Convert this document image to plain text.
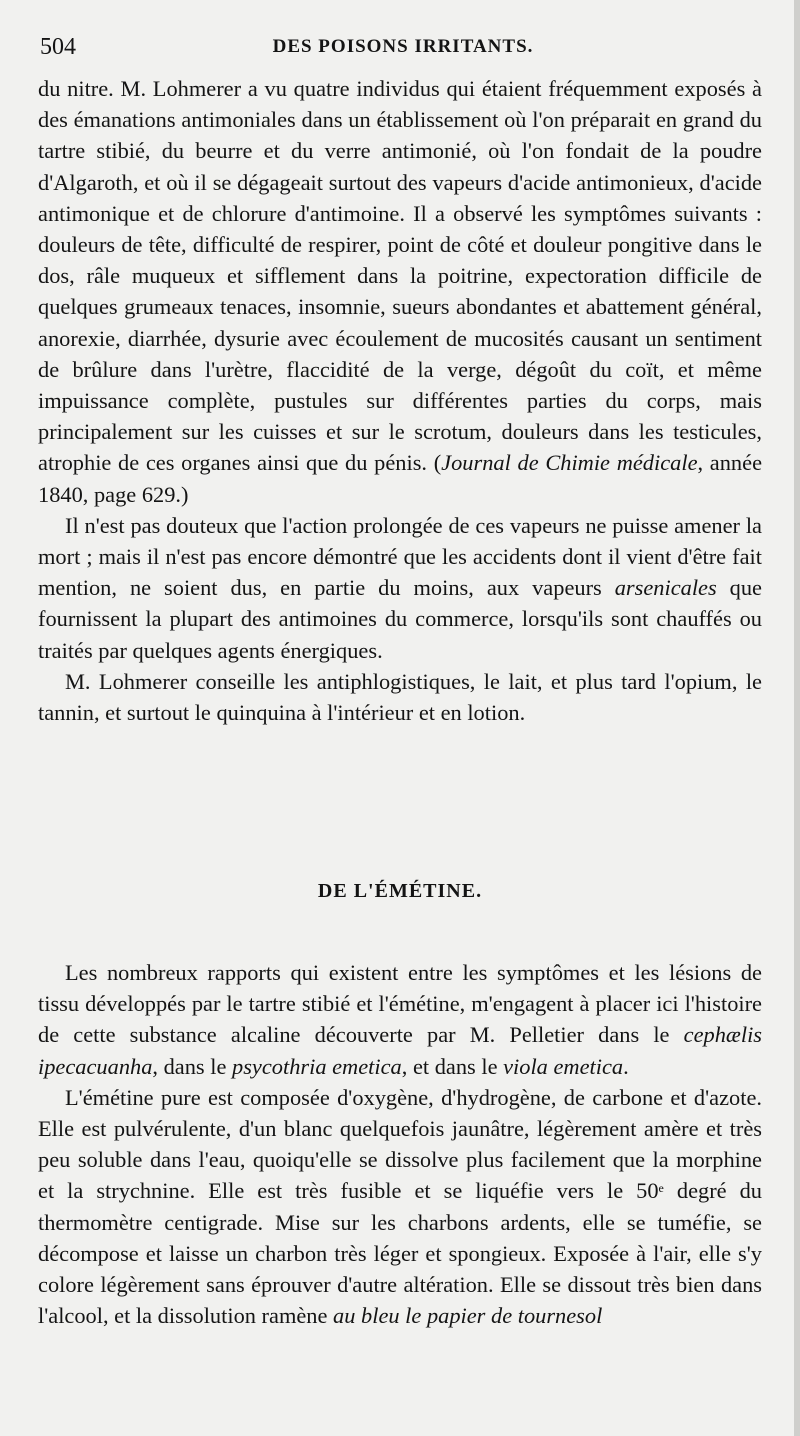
504	DES POISONS IRRITANTS.

du nitre. M. Lohmerer a vu quatre individus qui étaient fréquemment exposés à des émanations antimoniales dans un établissement où l'on préparait en grand du tartre stibié, du beurre et du verre antimonié, où l'on fondait de la poudre d'Algaroth, et où il se dégageait surtout des vapeurs d'acide antimonieux, d'acide antimonique et de chlorure d'antimoine. Il a observé les symptômes suivants : douleurs de tête, difficulté de respirer, point de côté et douleur pongitive dans le dos, râle muqueux et sifflement dans la poitrine, expectoration difficile de quelques grumeaux tenaces, insomnie, sueurs abondantes et abattement général, anorexie, diarrhée, dysurie avec écoulement de mucosités causant un sentiment de brûlure dans l'urètre, flaccidité de la verge, dégoût du coït, et même impuissance complète, pustules sur différentes parties du corps, mais principalement sur les cuisses et sur le scrotum, douleurs dans les testicules, atrophie de ces organes ainsi que du pénis. (Journal de Chimie médicale, année 1840, page 629.)

Il n'est pas douteux que l'action prolongée de ces vapeurs ne puisse amener la mort ; mais il n'est pas encore démontré que les accidents dont il vient d'être fait mention, ne soient dus, en partie du moins, aux vapeurs arsenicales que fournissent la plupart des antimoines du commerce, lorsqu'ils sont chauffés ou traités par quelques agents énergiques.

M. Lohmerer conseille les antiphlogistiques, le lait, et plus tard l'opium, le tannin, et surtout le quinquina à l'intérieur et en lotion.

DE L'ÉMÉTINE.

Les nombreux rapports qui existent entre les symptômes et les lésions de tissu développés par le tartre stibié et l'émétine, m'engagent à placer ici l'histoire de cette substance alcaline découverte par M. Pelletier dans le cephælis ipecacuanha, dans le psycothria emetica, et dans le viola emetica.

L'émétine pure est composée d'oxygène, d'hydrogène, de carbone et d'azote. Elle est pulvérulente, d'un blanc quelquefois jaunâtre, légèrement amère et très peu soluble dans l'eau, quoiqu'elle se dissolve plus facilement que la morphine et la strychnine. Elle est très fusible et se liquéfie vers le 50e degré du thermomètre centigrade. Mise sur les charbons ardents, elle se tuméfie, se décompose et laisse un charbon très léger et spongieux. Exposée à l'air, elle s'y colore légèrement sans éprouver d'autre altération. Elle se dissout très bien dans l'alcool, et la dissolution ramène au bleu le papier de tournesol
